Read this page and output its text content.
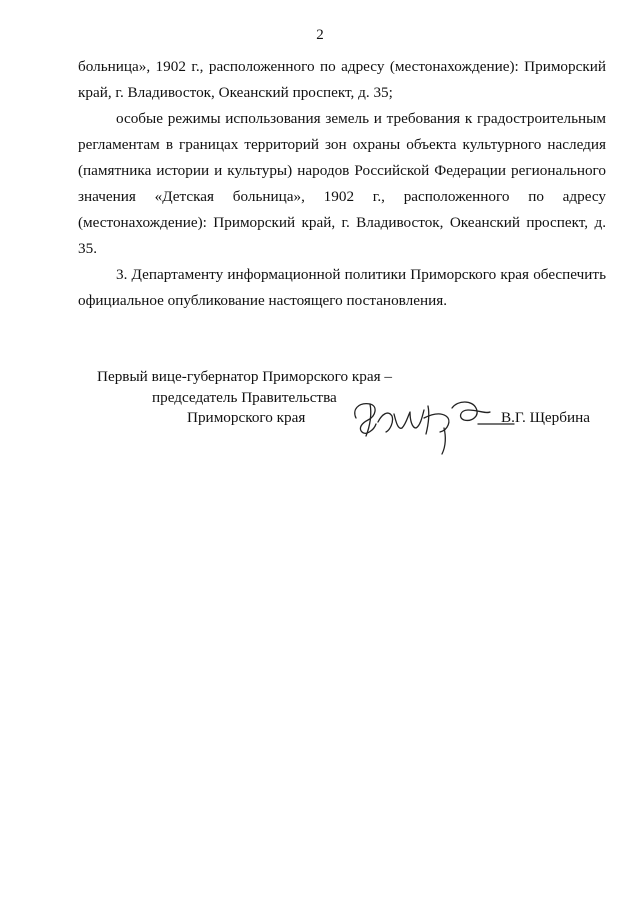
2

больница», 1902 г., расположенного по адресу (местонахождение): Приморский край, г. Владивосток, Океанский проспект, д. 35;

особые режимы использования земель и требования к градостроительным регламентам в границах территорий зон охраны объекта культурного наследия (памятника истории и культуры) народов Российской Федерации регионального значения «Детская больница», 1902 г., расположенного по адресу (местонахождение): Приморский край, г. Владивосток, Океанский проспект, д. 35.

3. Департаменту информационной политики Приморского края обеспечить официальное опубликование настоящего постановления.

Первый вице-губернатор Приморского края –
председатель Правительства
Приморского края	В.Г. Щербина
